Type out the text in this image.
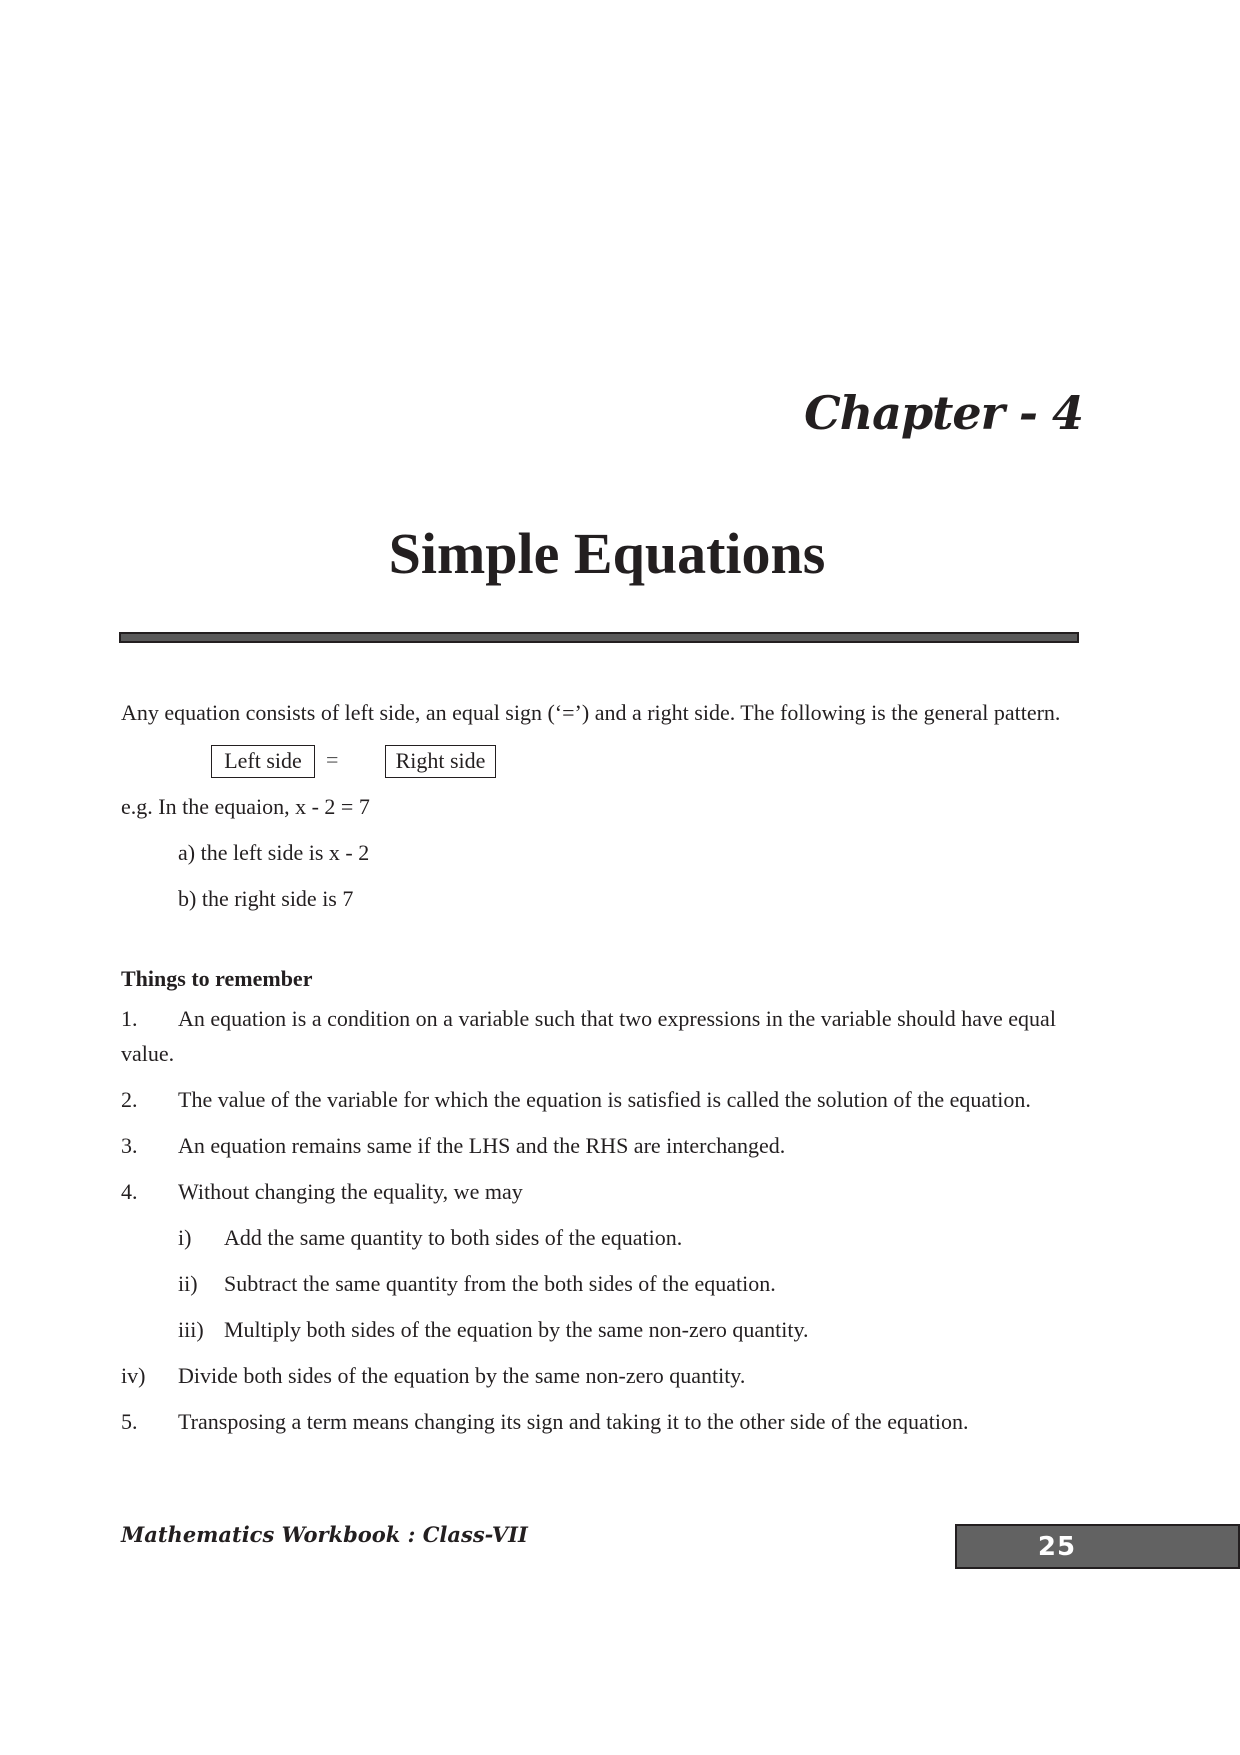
Chapter - 4
Simple Equations
Any equation consists of left side, an equal sign (‘=’) and a right side. The following is the general pattern.
Left side	=	Right side
e.g. In the equaion, x - 2 = 7
a) the left side is x - 2
b) the right side is 7
Things to remember
1. An equation is a condition on a variable such that two expressions in the variable should have equal
value.
2. The value of the variable for which the equation is satisfied is called the solution of the equation.
3. An equation remains same if the LHS and the RHS are interchanged.
4. Without changing the equality, we may
i) Add the same quantity to both sides of the equation.
ii) Subtract the same quantity from the both sides of the equation.
iii) Multiply both sides of the equation by the same non-zero quantity.
iv) Divide both sides of the equation by the same non-zero quantity.
5. Transposing a term means changing its sign and taking it to the other side of the equation.
Mathematics Workbook : Class-VII	25
